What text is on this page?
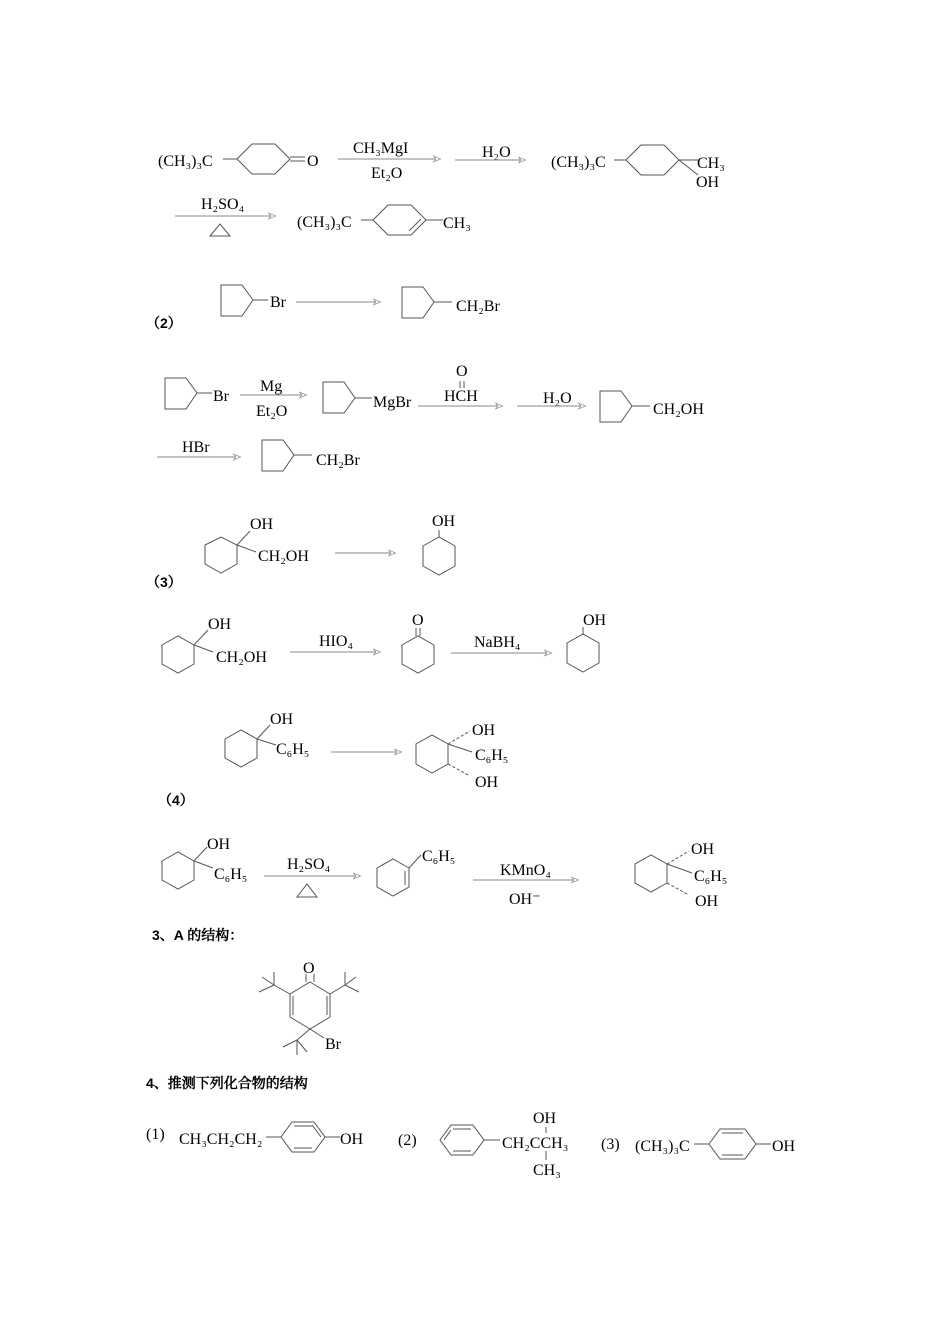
(CH₃)₃C	O
CH₃MgI
Et₂O
H₂O
(CH₃)₃C	CH₃
OH
H₂SO₄
(CH₃)₃C	CH₃
（2）
Br	CH₂Br
Br
Mg
Et₂O
MgBr
O
HCH	H₂O
CH₂OH
HBr
CH₂Br
（3）
OH
CH₂OH
OH
OH
CH₂OH
HIO₄
O
NaBH₄
OH
（4）
OH
C₆H₅
OH
C₆H₅
OH
OH
C₆H₅
H₂SO₄	C₆H₅
KMnO₄
OH⁻
OH
C₆H₅
OH
3、A 的结构：
O
Br
4、推测下列化合物的结构
(1) CH₃CH₂CH₂	OH (2)
OH
CH₂CCH₃
CH₃
(3) (CH₃)₃C	OH
